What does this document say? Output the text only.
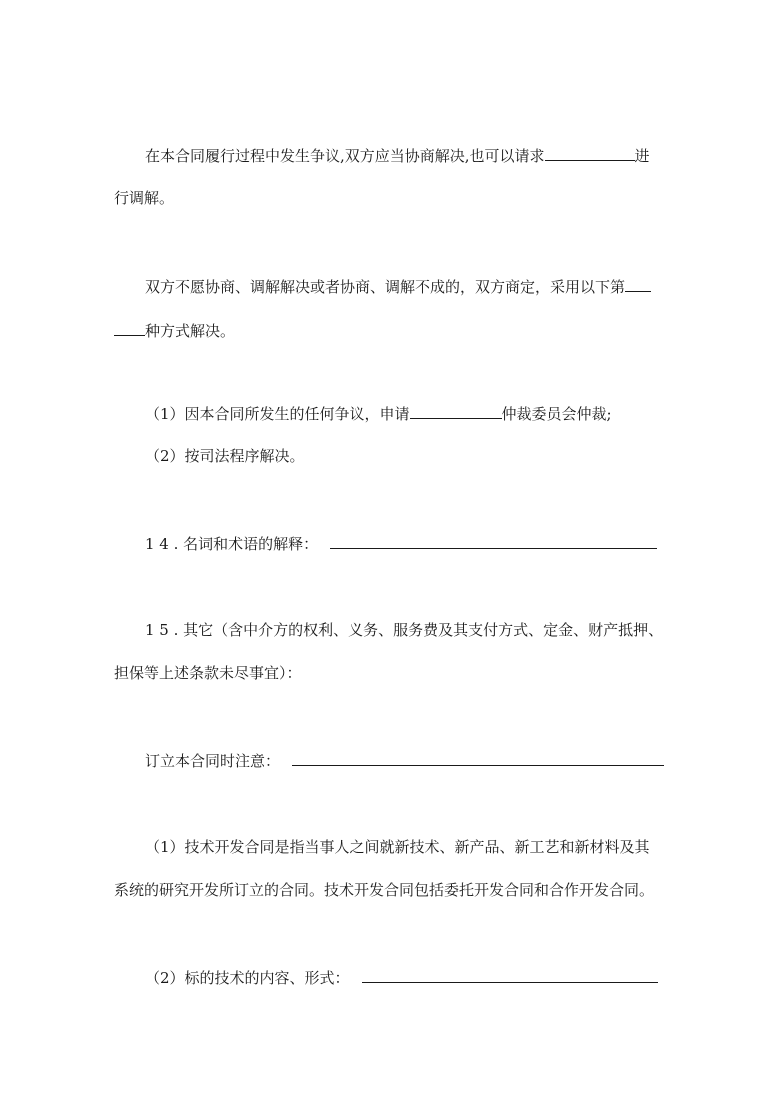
在本合同履行过程中发生争议,双方应当协商解决,也可以请求	进
行调解。
双方不愿协商、调解解决或者协商、调解不成的，双方商定，采用以下第
种方式解决。
（1）因本合同所发生的任何争议，申请	仲裁委员会仲裁;
（2）按司法程序解决。
1 4 . 名词和术语的解释：
1 5 . 其它（含中介方的权利、义务、服务费及其支付方式、定金、财产抵押、
担保等上述条款未尽事宜）：
订立本合同时注意：
（1）技术开发合同是指当事人之间就新技术、新产品、新工艺和新材料及其
系统的研究开发所订立的合同。技术开发合同包括委托开发合同和合作开发合同。
（2）标的技术的内容、形式：
